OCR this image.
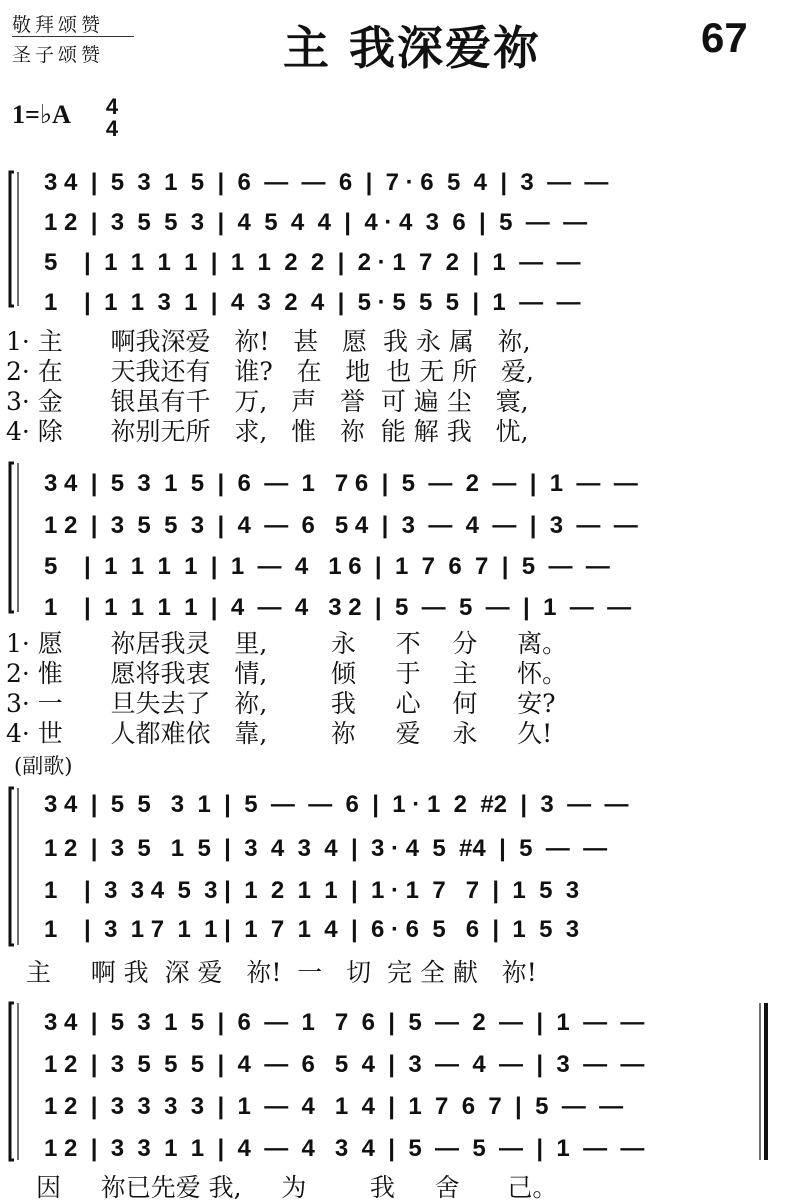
敬拜颂赞
圣子颂赞	主 我深爱祢	67
1=♭A 4
4
3 4  |  5  3  1  5  |  6  —  —  6  |  7 · 6  5  4  |  3  —  —
1 2  |  3  5  5  3  |  4  5  4  4  |  4 · 4  3  6  |  5  —  —
5    |  1  1  1  1  |  1  1  2  2  |  2 · 1  7  2  |  1  —  —
1    |  1  1  3  1  |  4  3  2  4  |  5 · 5  5  5  |  1  —  —
1· 主      啊我深爱   祢!   甚   愿  我 永 属   祢,
2· 在      天我还有   谁?   在   地  也 无 所   爱,
3· 金      银虽有千   万,   声   誉  可 遍 尘   寰,
4· 除      祢别无所   求,   惟   祢  能 解 我   忧,
3 4  |  5  3  1  5  |  6  —  1   7 6  |  5  —  2  —  |  1  —  —
1 2  |  3  5  5  3  |  4  —  6   5 4  |  3  —  4  —  |  3  —  —
5    |  1  1  1  1  |  1  —  4   1 6  |  1  7  6  7  |  5  —  —
1    |  1  1  1  1  |  4  —  4   3 2  |  5  —  5  —  |  1  —  —
1· 愿      祢居我灵   里,        永     不    分     离。
2· 惟      愿将我衷   情,        倾     于    主     怀。
3· 一      旦失去了   祢,        我     心    何     安?
4· 世      人都难依   靠,        祢     爱    永     久!
(副歌)
3 4  |  5  5   3  1  |  5  —  —  6  |  1 · 1  2  #2  |  3  —  —
1 2  |  3  5   1  5  |  3  4  3  4  |  3 · 4  5  #4  |  5  —  —
1    |  3  3 4  5  3 |  1  2  1  1  |  1 · 1  7   7  |  1  5  3
1    |  3  1 7  1  1 |  1  7  1  4  |  6 · 6  5   6  |  1  5  3
主     啊 我  深 爱   祢!  一   切  完 全 献   祢!
3 4  |  5  3  1  5  |  6  —  1   7  6  |  5  —  2  —  |  1  —  —
1 2  |  3  5  5  5  |  4  —  6   5  4  |  3  —  4  —  |  3  —  —
1 2  |  3  3  3  3  |  1  —  4   1  4  |  1  7  6  7  |  5  —  —
1 2  |  3  3  1  1  |  4  —  4   3  4  |  5  —  5  —  |  1  —  —
因     祢已先爱 我,     为        我     舍      己。
